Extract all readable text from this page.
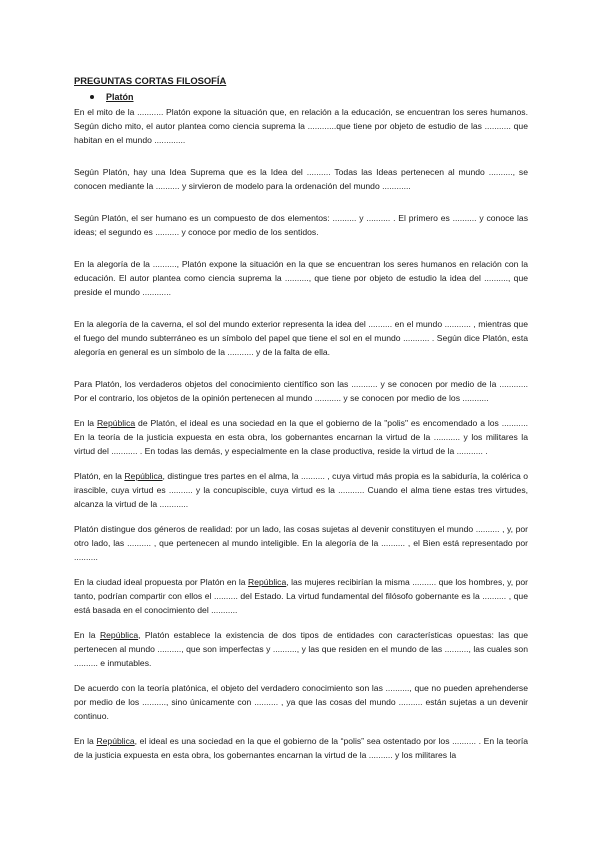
PREGUNTAS CORTAS FILOSOFÍA

Platón

En el mito de la ........... Platón expone la situación que, en relación a la educación, se encuentran los seres humanos. Según dicho mito, el autor plantea como ciencia suprema la ............que tiene por objeto de estudio de las ........... que habitan en el mundo .............

Según Platón, hay una Idea Suprema que es la Idea del .......... Todas las Ideas pertenecen al mundo .........., se conocen mediante la .......... y sirvieron de modelo para la ordenación del mundo ............

Según Platón, el ser humano es un compuesto de dos elementos: .......... y .......... . El primero es .......... y conoce las ideas; el segundo es .......... y conoce por medio de los sentidos.

En la alegoría de la .........., Platón expone la situación en la que se encuentran los seres humanos en relación con la educación. El autor plantea como ciencia suprema la .........., que tiene por objeto de estudio la idea del .........., que preside el mundo ............

En la alegoría de la caverna, el sol del mundo exterior representa la idea del .......... en el mundo ........... , mientras que el fuego del mundo subterráneo es un símbolo del papel que tiene el sol en el mundo ........... . Según dice Platón, esta alegoría en general es un símbolo de la ........... y de la falta de ella.

Para Platón, los verdaderos objetos del conocimiento científico son las ........... y se conocen por medio de la ............ Por el contrario, los objetos de la opinión pertenecen al mundo ........... y se conocen por medio de los ...........

En la República de Platón, el ideal es una sociedad en la que el gobierno de la "polis" es encomendado a los ........... En la teoría de la justicia expuesta en esta obra, los gobernantes encarnan la virtud de la ........... y los militares la virtud del ........... . En todas las demás, y especialmente en la clase productiva, reside la virtud de la ........... .

Platón, en la República, distingue tres partes en el alma, la .......... , cuya virtud más propia es la sabiduría, la colérica o irascible, cuya virtud es .......... y la concupiscible, cuya virtud es la ........... Cuando el alma tiene estas tres virtudes, alcanza la virtud de la ............

Platón distingue dos géneros de realidad: por un lado, las cosas sujetas al devenir constituyen el mundo .......... , y, por otro lado, las .......... , que pertenecen al mundo inteligible. En la alegoría de la .......... , el Bien está representado por ..........

En la ciudad ideal propuesta por Platón en la República, las mujeres recibirían la misma .......... que los hombres, y, por tanto, podrían compartir con ellos el .......... del Estado. La virtud fundamental del filósofo gobernante es la .......... , que está basada en el conocimiento del ...........

En la República, Platón establece la existencia de dos tipos de entidades con características opuestas: las que pertenecen al mundo .........., que son imperfectas y .........., y las que residen en el mundo de las .........., las cuales son .......... e inmutables.

De acuerdo con la teoría platónica, el objeto del verdadero conocimiento son las .........., que no pueden aprehenderse por medio de los .........., sino únicamente con .......... , ya que las cosas del mundo .......... están sujetas a un devenir continuo.

En la República, el ideal es una sociedad en la que el gobierno de la “polis” sea ostentado por los .......... . En la teoría de la justicia expuesta en esta obra, los gobernantes encarnan la virtud de la .......... y los militares la
